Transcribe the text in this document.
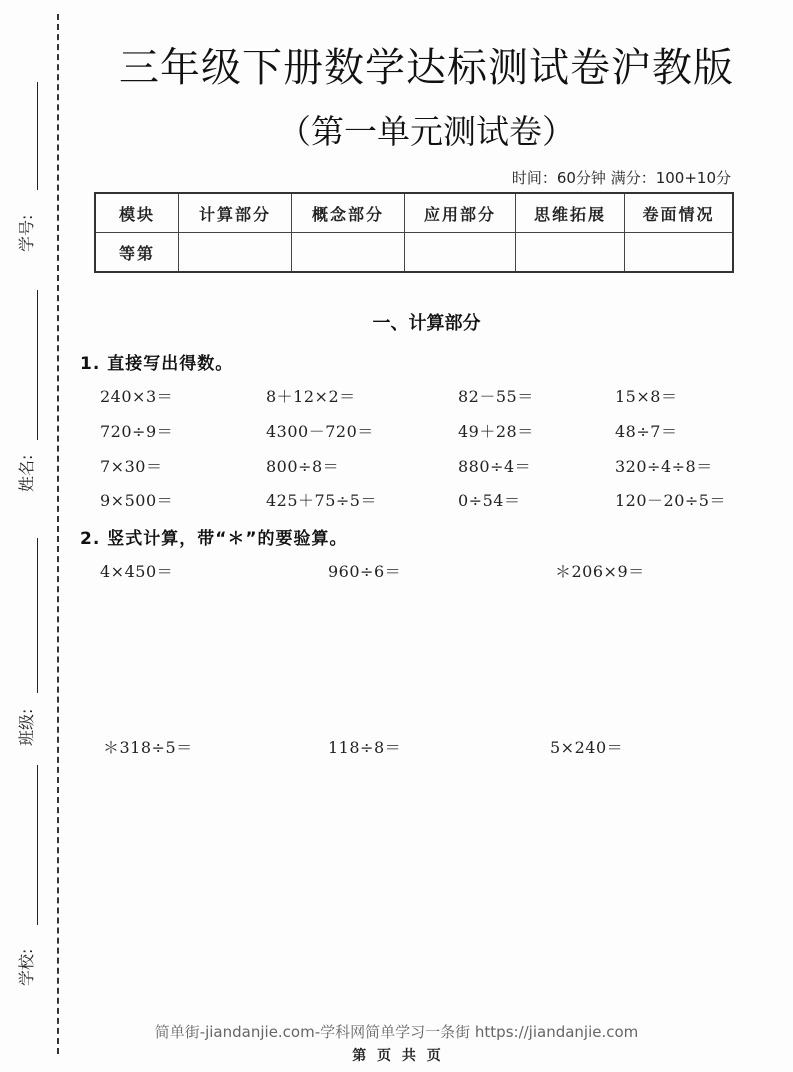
学号:
姓名:
班级:
学校:
三年级下册数学达标测试卷沪教版
（第一单元测试卷）
时间：60分钟 满分：100+10分
模块	计算部分	概念部分	应用部分	思维拓展	卷面情况
等第					
一、计算部分
1. 直接写出得数。
240×3＝	8＋12×2＝	82－55＝	15×8＝
720÷9＝	4300－720＝	49＋28＝	48÷7＝
7×30＝	800÷8＝	880÷4＝	320÷4÷8＝
9×500＝	425＋75÷5＝	0÷54＝	120－20÷5＝
2. 竖式计算，带“＊”的要验算。
4×450＝	960÷6＝	＊206×9＝
＊318÷5＝	118÷8＝	5×240＝
简单街-jiandanjie.com-学科网简单学习一条街 https://jiandanjie.com
第 页 共 页
